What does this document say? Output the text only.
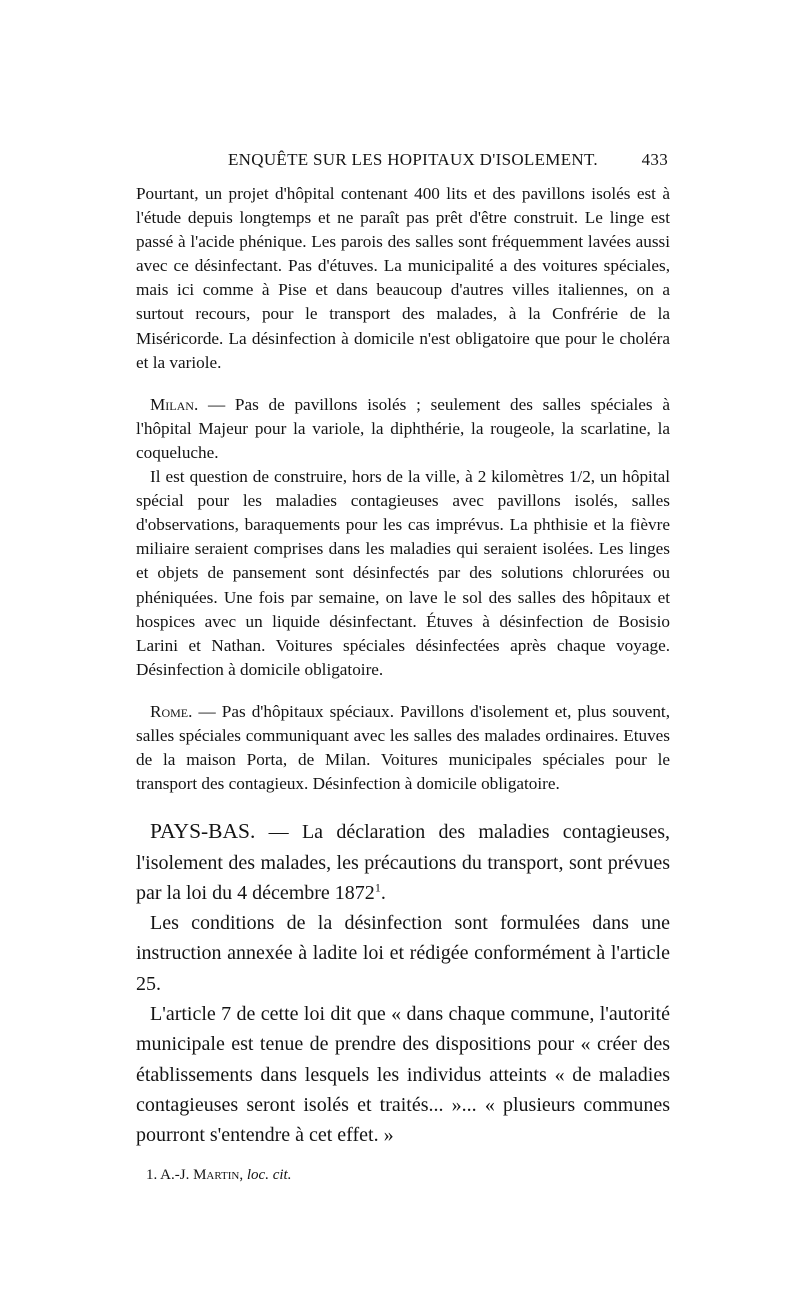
ENQUÊTE SUR LES HOPITAUX D'ISOLEMENT.	433

Pourtant, un projet d'hôpital contenant 400 lits et des pavillons isolés est à l'étude depuis longtemps et ne paraît pas prêt d'être construit. Le linge est passé à l'acide phénique. Les parois des salles sont fréquemment lavées aussi avec ce désinfectant. Pas d'étuves. La municipalité a des voitures spéciales, mais ici comme à Pise et dans beaucoup d'autres villes italiennes, on a surtout recours, pour le transport des malades, à la Confrérie de la Miséricorde. La désinfection à domicile n'est obligatoire que pour le choléra et la variole.

Milan. — Pas de pavillons isolés ; seulement des salles spéciales à l'hôpital Majeur pour la variole, la diphthérie, la rougeole, la scarlatine, la coqueluche.

Il est question de construire, hors de la ville, à 2 kilomètres 1/2, un hôpital spécial pour les maladies contagieuses avec pavillons isolés, salles d'observations, baraquements pour les cas imprévus. La phthisie et la fièvre miliaire seraient comprises dans les maladies qui seraient isolées. Les linges et objets de pansement sont désinfectés par des solutions chlorurées ou phéniquées. Une fois par semaine, on lave le sol des salles des hôpitaux et hospices avec un liquide désinfectant. Étuves à désinfection de Bosisio Larini et Nathan. Voitures spéciales désinfectées après chaque voyage. Désinfection à domicile obligatoire.

Rome. — Pas d'hôpitaux spéciaux. Pavillons d'isolement et, plus souvent, salles spéciales communiquant avec les salles des malades ordinaires. Etuves de la maison Porta, de Milan. Voitures municipales spéciales pour le transport des contagieux. Désinfection à domicile obligatoire.

PAYS-BAS. — La déclaration des maladies contagieuses, l'isolement des malades, les précautions du transport, sont prévues par la loi du 4 décembre 1872$^1$.

Les conditions de la désinfection sont formulées dans une instruction annexée à ladite loi et rédigée conformément à l'article 25.

L'article 7 de cette loi dit que « dans chaque commune, l'autorité municipale est tenue de prendre des dispositions pour « créer des établissements dans lesquels les individus atteints « de maladies contagieuses seront isolés et traités... »... « plusieurs communes pourront s'entendre à cet effet. »

1. A.-J. Martin, loc. cit.
